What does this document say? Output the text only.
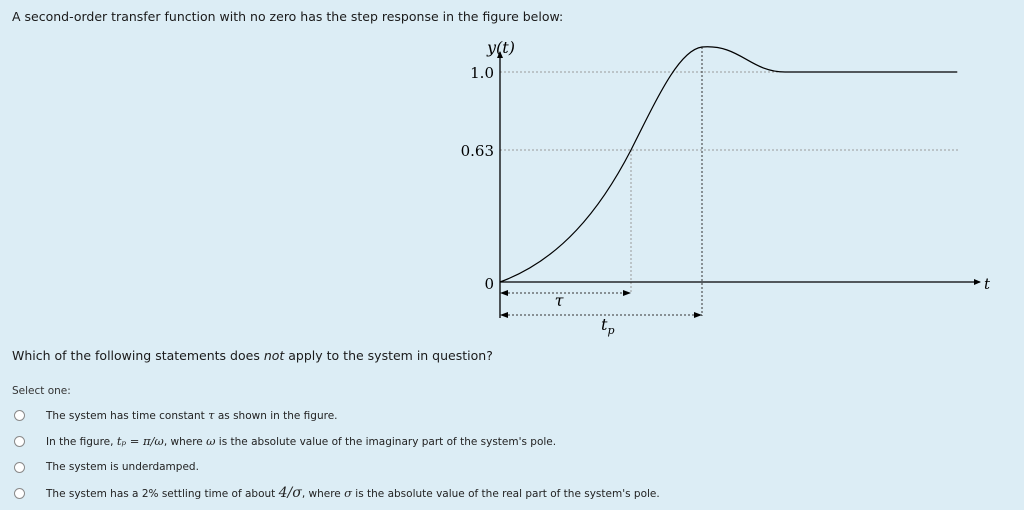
A second-order transfer function with no zero has the step response in the figure below:
y(t)
1.0
0.63
0	t
τ
$t_p$

Which of the following statements does not apply to the system in question?

Select one:
The system has time constant τ as shown in the figure.
In the figure, tₚ = π/ω, where ω is the absolute value of the imaginary part of the system's pole.
The system is underdamped.
The system has a 2% settling time of about 4/σ, where σ is the absolute value of the real part of the system's pole.
